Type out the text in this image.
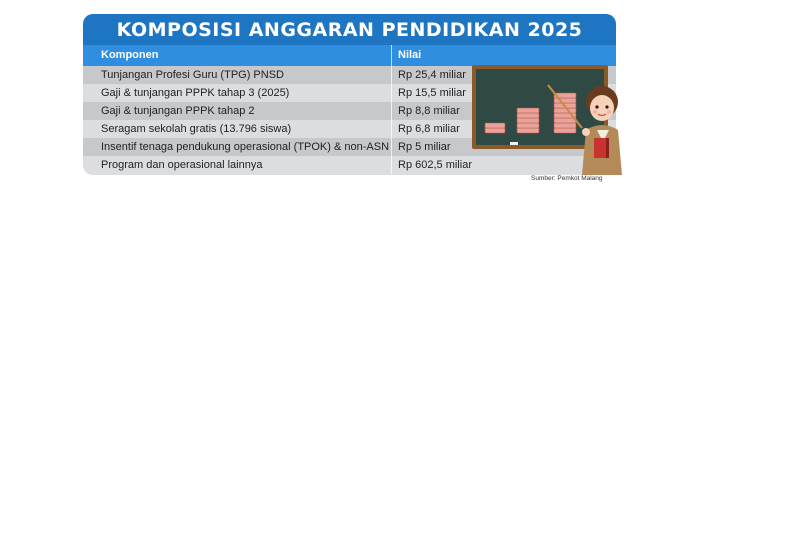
KOMPOSISI ANGGARAN PENDIDIKAN 2025
Komponen	Nilai
Tunjangan Profesi Guru (TPG) PNSD	Rp 25,4 miliar
Gaji & tunjangan PPPK tahap 3 (2025)	Rp 15,5 miliar
Gaji & tunjangan PPPK tahap 2	Rp 8,8 miliar
Seragam sekolah gratis (13.796 siswa)	Rp 6,8 miliar
Insentif tenaga pendukung operasional (TPOK) & non-ASN Rp 5 miliar
Program dan operasional lainnya	Rp 602,5 miliar
Sumber: Pemkot Malang
